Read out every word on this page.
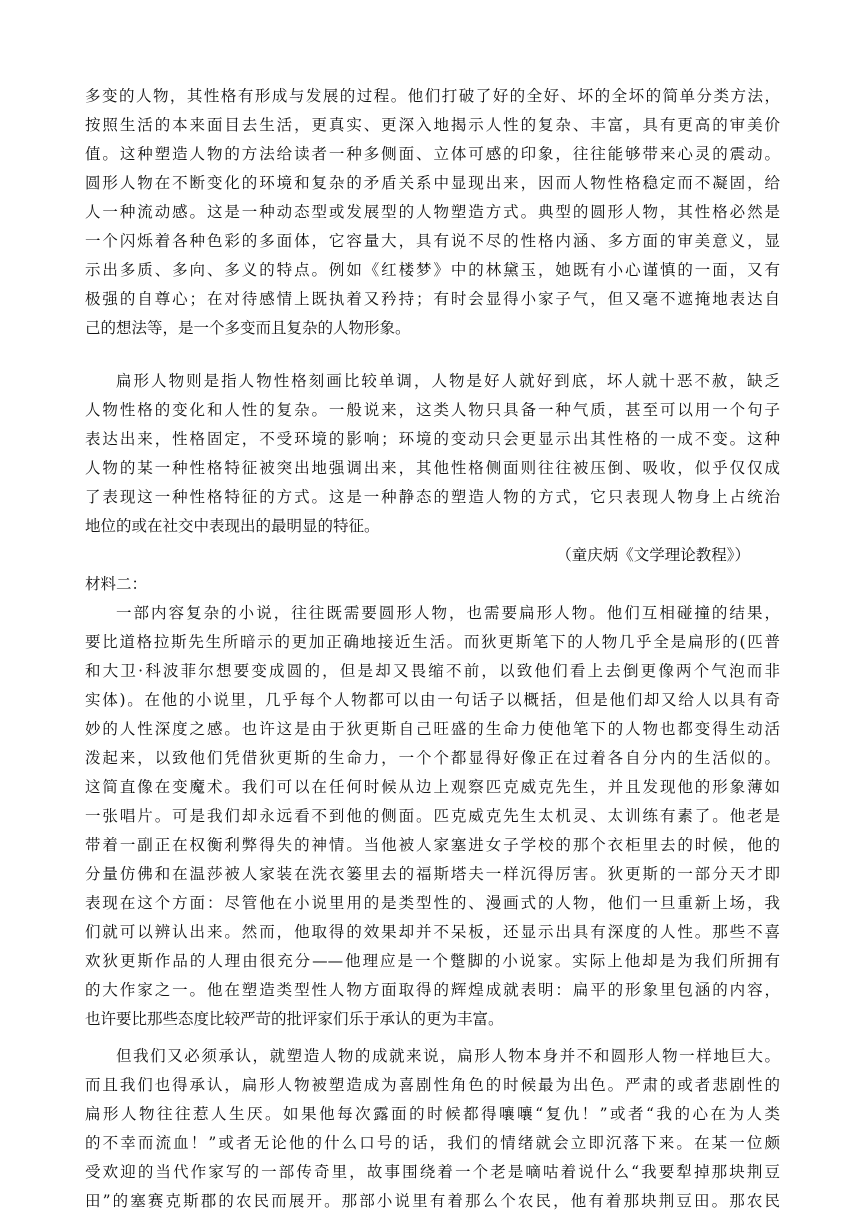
多变的人物，其性格有形成与发展的过程。他们打破了好的全好、坏的全坏的简单分类方法，
按照生活的本来面目去生活，更真实、更深入地揭示人性的复杂、丰富，具有更高的审美价
值。这种塑造人物的方法给读者一种多侧面、立体可感的印象，往往能够带来心灵的震动。
圆形人物在不断变化的环境和复杂的矛盾关系中显现出来，因而人物性格稳定而不凝固，给
人一种流动感。这是一种动态型或发展型的人物塑造方式。典型的圆形人物，其性格必然是
一个闪烁着各种色彩的多面体，它容量大，具有说不尽的性格内涵、多方面的审美意义，显
示出多质、多向、多义的特点。例如《红楼梦》中的林黛玉，她既有小心谨慎的一面，又有
极强的自尊心；在对待感情上既执着又矜持；有时会显得小家子气，但又毫不遮掩地表达自
己的想法等，是一个多变而且复杂的人物形象。
扁形人物则是指人物性格刻画比较单调，人物是好人就好到底，坏人就十恶不赦，缺乏
人物性格的变化和人性的复杂。一般说来，这类人物只具备一种气质，甚至可以用一个句子
表达出来，性格固定，不受环境的影响；环境的变动只会更显示出其性格的一成不变。这种
人物的某一种性格特征被突出地强调出来，其他性格侧面则往往被压倒、吸收，似乎仅仅成
了表现这一种性格特征的方式。这是一种静态的塑造人物的方式，它只表现人物身上占统治
地位的或在社交中表现出的最明显的特征。
（童庆炳《文学理论教程》）
材料二：
一部内容复杂的小说，往往既需要圆形人物，也需要扁形人物。他们互相碰撞的结果，
要比道格拉斯先生所暗示的更加正确地接近生活。而狄更斯笔下的人物几乎全是扁形的(匹普
和大卫·科波菲尔想要变成圆的，但是却又畏缩不前，以致他们看上去倒更像两个气泡而非
实体)。在他的小说里，几乎每个人物都可以由一句话子以概括，但是他们却又给人以具有奇
妙的人性深度之感。也许这是由于狄更斯自己旺盛的生命力使他笔下的人物也都变得生动活
泼起来，以致他们凭借狄更斯的生命力，一个个都显得好像正在过着各自分内的生活似的。
这简直像在变魔术。我们可以在任何时候从边上观察匹克威克先生，并且发现他的形象薄如
一张唱片。可是我们却永远看不到他的侧面。匹克威克先生太机灵、太训练有素了。他老是
带着一副正在权衡利弊得失的神情。当他被人家塞进女子学校的那个衣柜里去的时候，他的
分量仿佛和在温莎被人家装在洗衣篓里去的福斯塔夫一样沉得厉害。狄更斯的一部分天才即
表现在这个方面：尽管他在小说里用的是类型性的、漫画式的人物，他们一旦重新上场，我
们就可以辨认出来。然而，他取得的效果却并不呆板，还显示出具有深度的人性。那些不喜
欢狄更斯作品的人理由很充分——他理应是一个蹩脚的小说家。实际上他却是为我们所拥有
的大作家之一。他在塑造类型性人物方面取得的辉煌成就表明：扁平的形象里包涵的内容，
也许要比那些态度比较严苛的批评家们乐于承认的更为丰富。
但我们又必须承认，就塑造人物的成就来说，扁形人物本身并不和圆形人物一样地巨大。
而且我们也得承认，扁形人物被塑造成为喜剧性角色的时候最为出色。严肃的或者悲剧性的
扁形人物往往惹人生厌。如果他每次露面的时候都得嚷嚷“复仇！”或者“我的心在为人类
的不幸而流血！”或者无论他的什么口号的话，我们的情绪就会立即沉落下来。在某一位颇
受欢迎的当代作家写的一部传奇里，故事围绕着一个老是嘀咕着说什么“我要犁掉那块荆豆
田”的塞赛克斯郡的农民而展开。那部小说里有着那么个农民，他有着那块荆豆田。那农民
